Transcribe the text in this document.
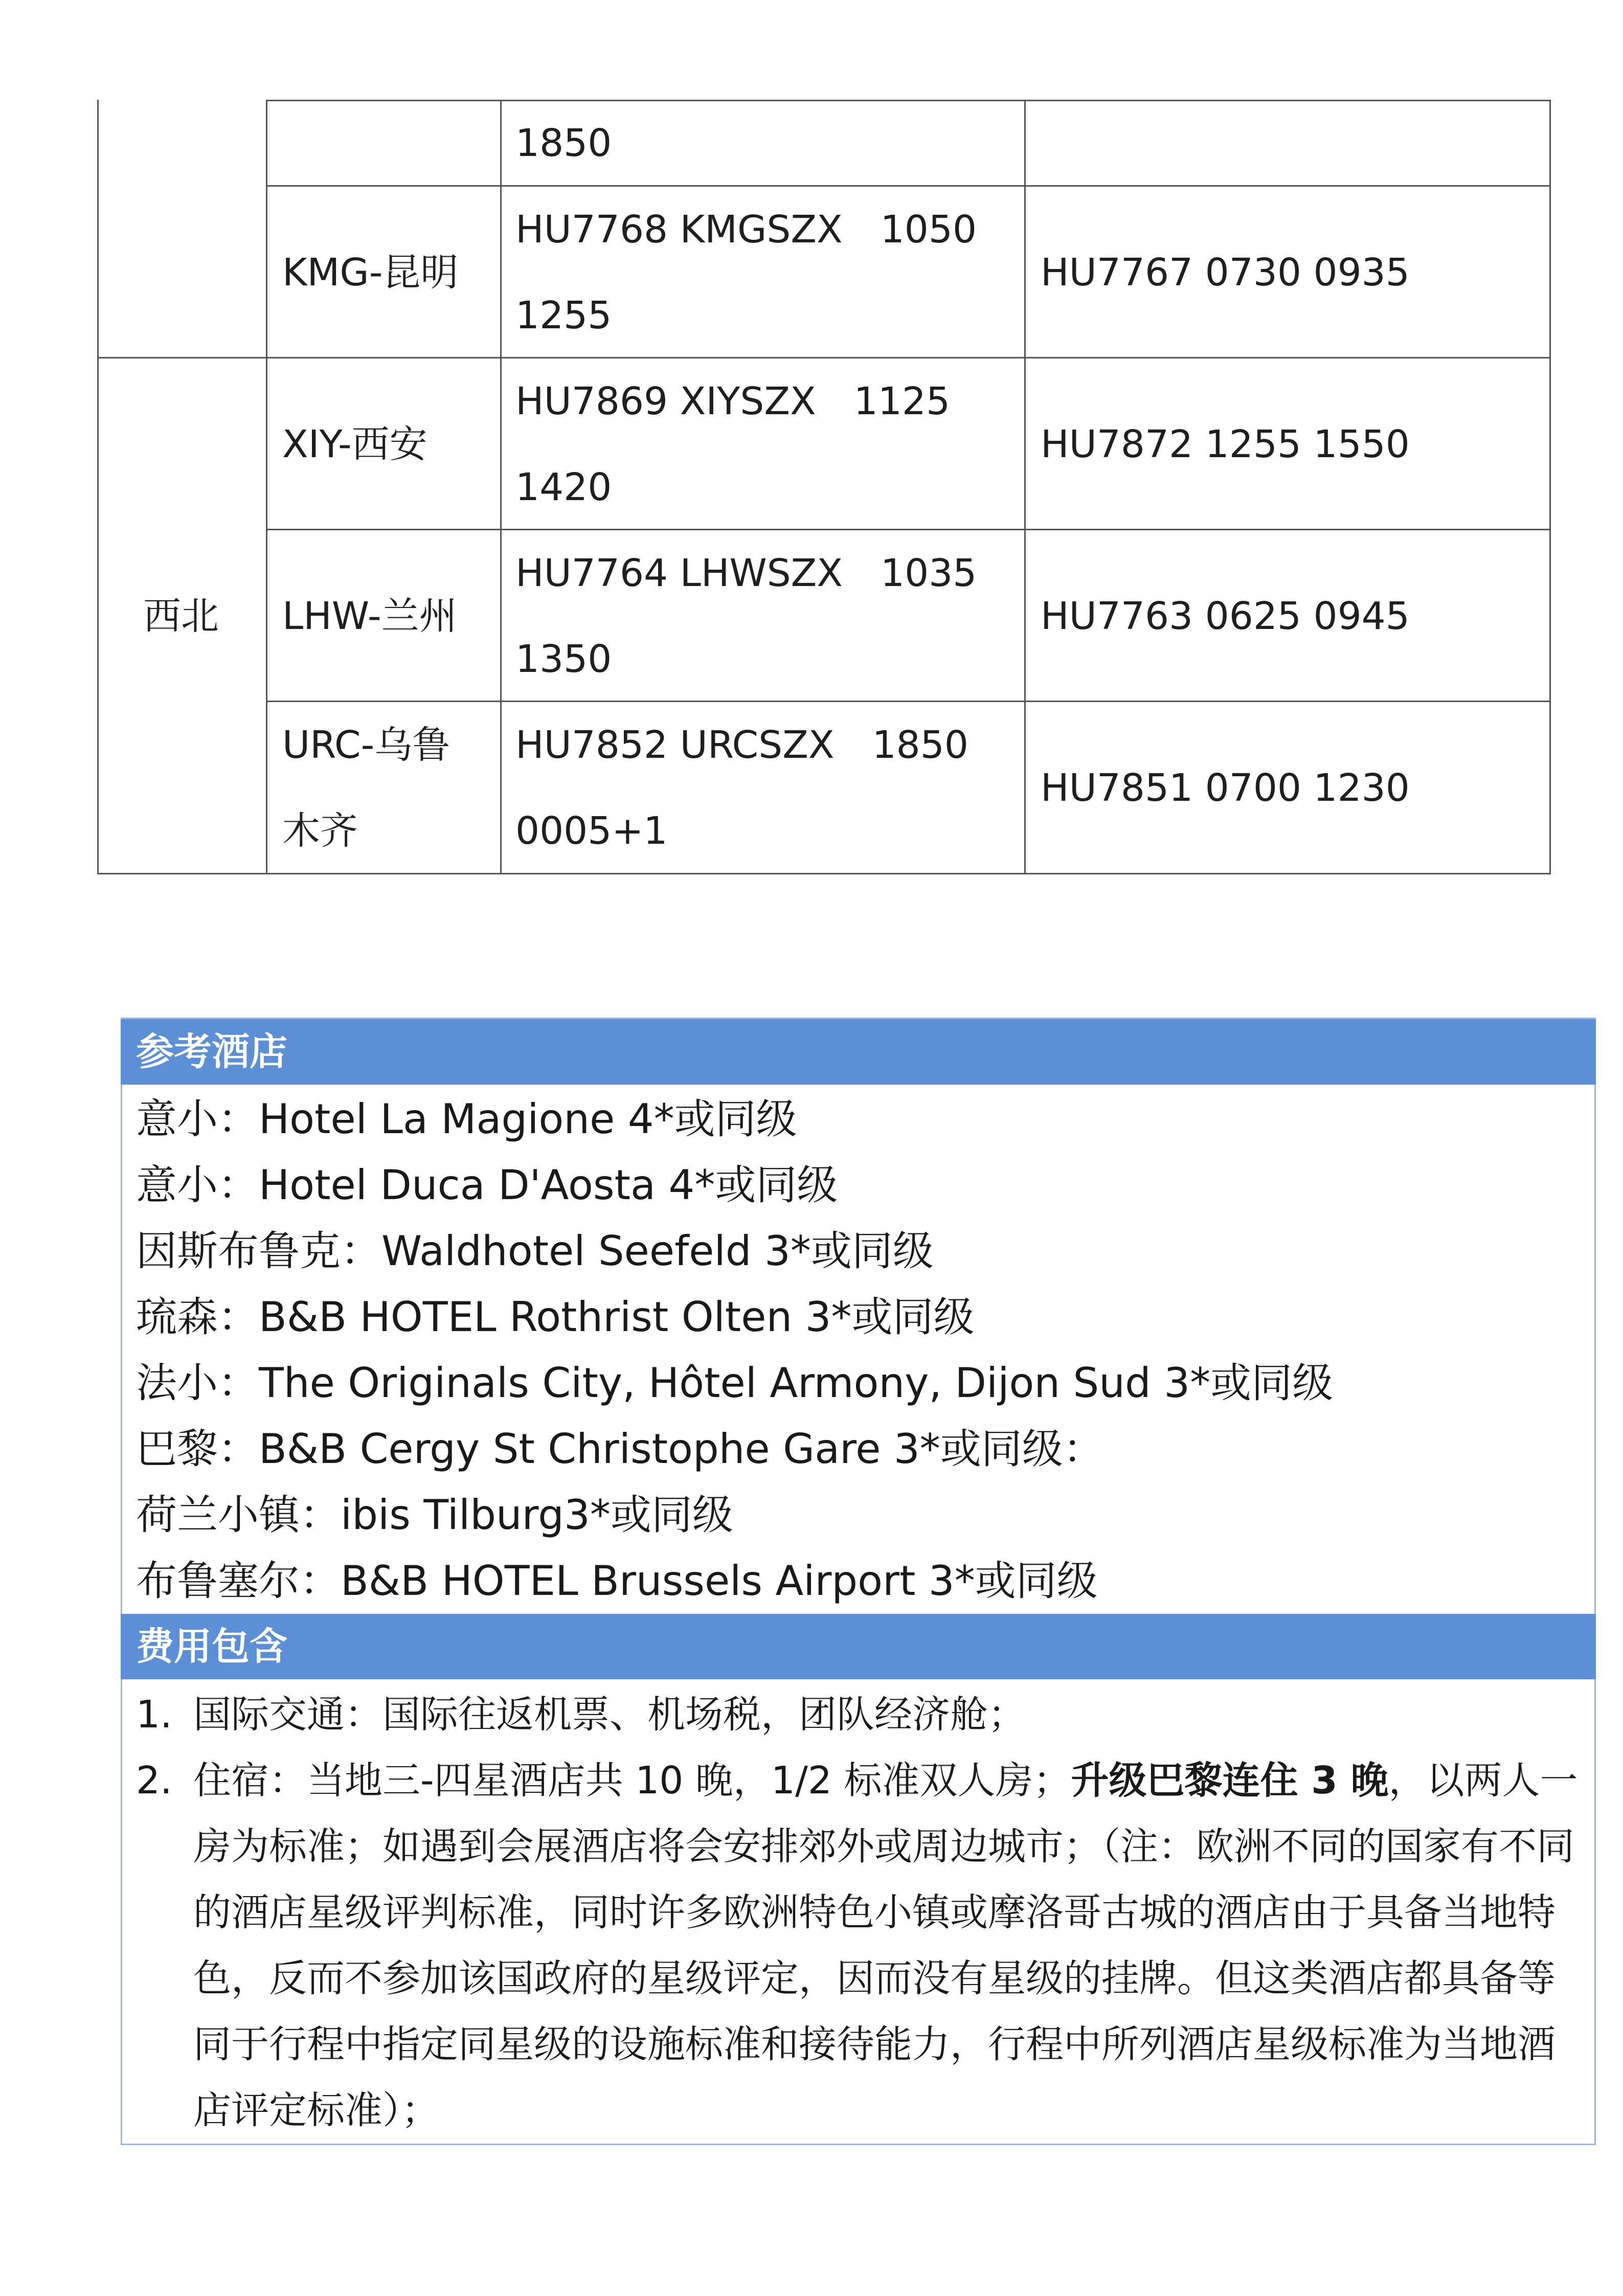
1850
KMG-昆明
HU7768 KMGSZX　1050
1255
HU7767 0730 0935
西北
XIY-西安
HU7869 XIYSZX　1125
1420
HU7872 1255 1550
LHW-兰州
HU7764 LHWSZX　1035
1350
HU7763 0625 0945
URC-乌鲁
木齐
HU7852 URCSZX　1850
0005+1
HU7851 0700 1230
参考酒店
意小：Hotel La Magione 4*或同级
意小：Hotel Duca D'Aosta 4*或同级
因斯布鲁克：Waldhotel Seefeld 3*或同级
琉森：B&B HOTEL Rothrist Olten 3*或同级
法小：The Originals City, Hôtel Armony, Dijon Sud 3*或同级
巴黎：B&B Cergy St Christophe Gare 3*或同级：
荷兰小镇：ibis Tilburg3*或同级
布鲁塞尔：B&B HOTEL Brussels Airport 3*或同级
费用包含
1. 国际交通：国际往返机票、机场税，团队经济舱；
2. 住宿：当地三-四星酒店共 10 晚，1/2 标准双人房；升级巴黎连住 3 晚，以两人一房为标准；如遇到会展酒店将会安排郊外或周边城市；（注：欧洲不同的国家有不同的酒店星级评判标准，同时许多欧洲特色小镇或摩洛哥古城的酒店由于具备当地特色，反而不参加该国政府的星级评定，因而没有星级的挂牌。但这类酒店都具备等同于行程中指定同星级的设施标准和接待能力，行程中所列酒店星级标准为当地酒店评定标准）；
